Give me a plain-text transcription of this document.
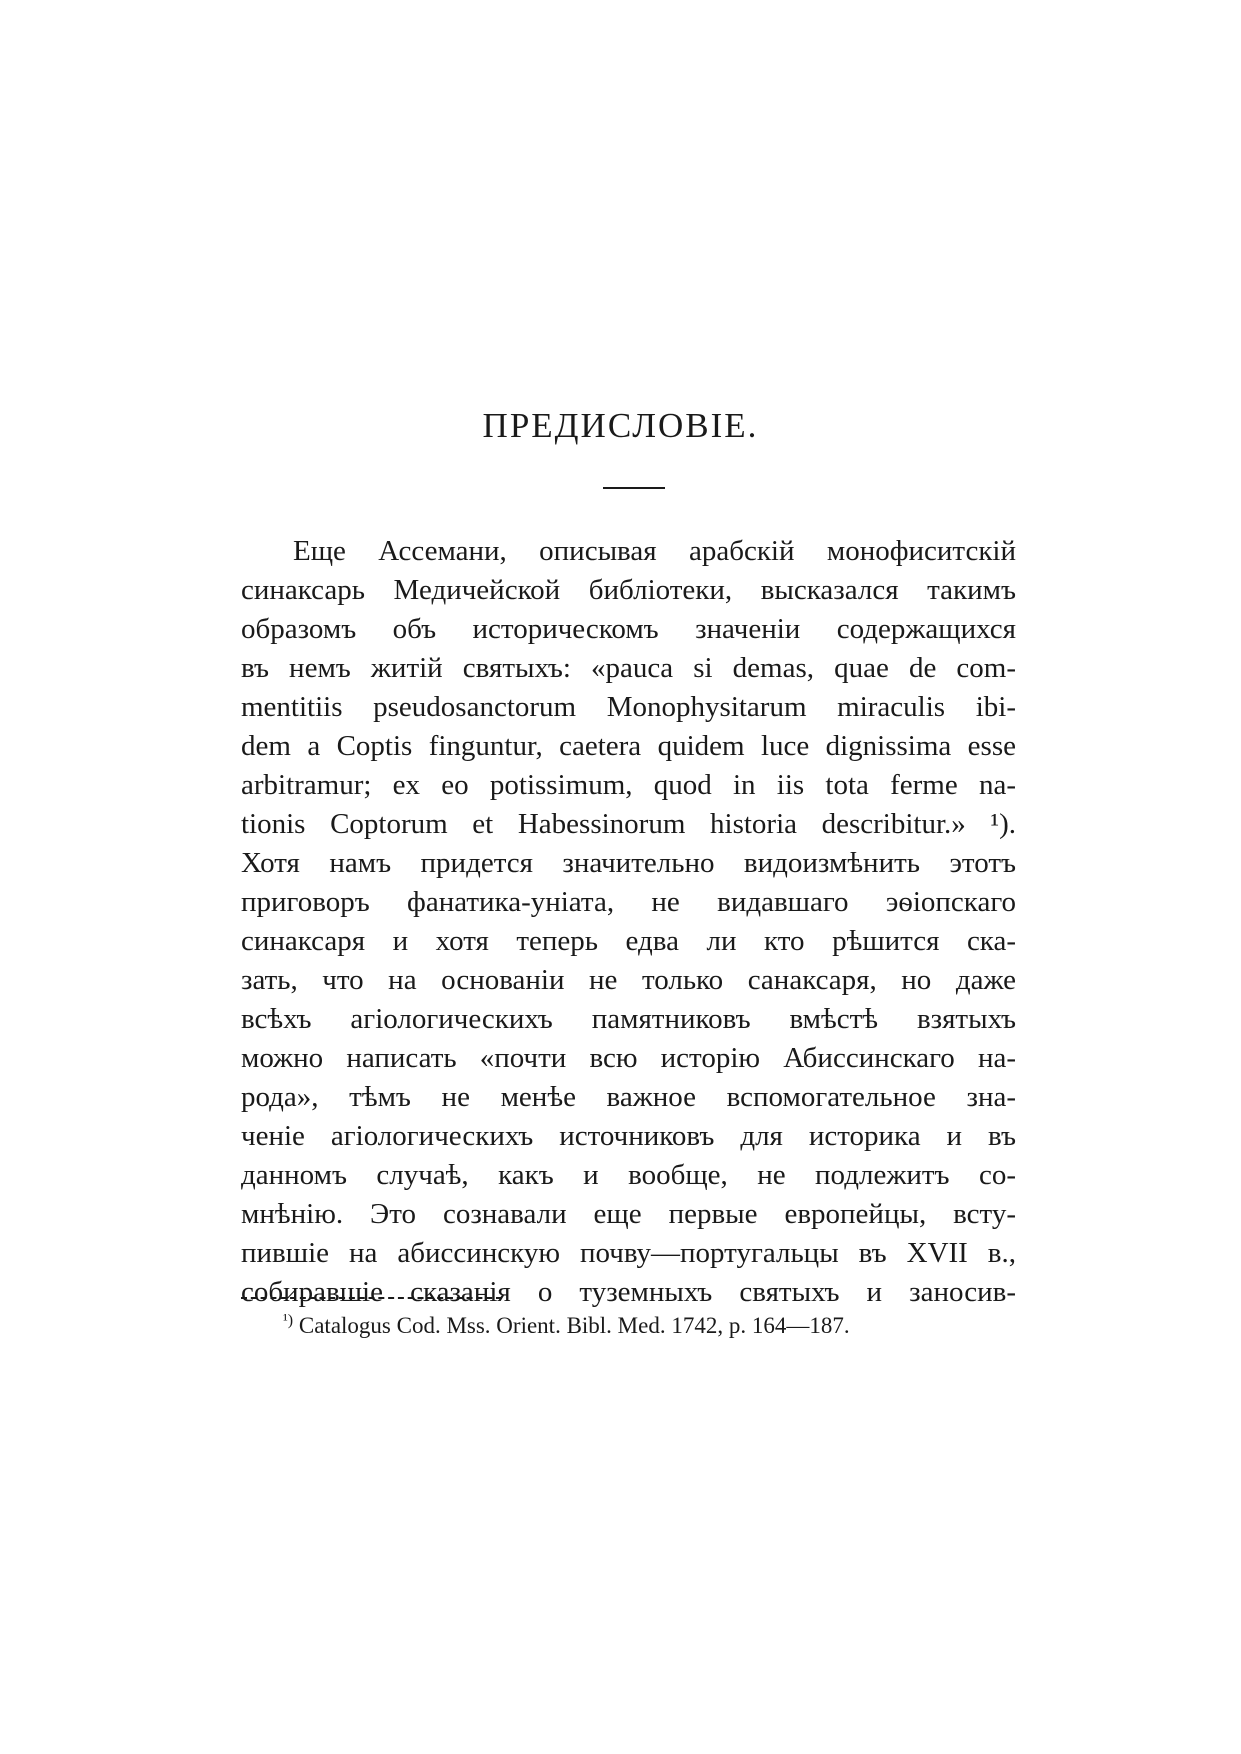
ПРЕДИСЛОВІЕ.
Еще Ассемани, описывая арабскій монофиситскій
синаксарь Медичейской библіотеки, высказался такимъ
образомъ объ историческомъ значеніи содержащихся
въ немъ житій святыхъ: «pauca si demas, quae de com-
mentitiis pseudosanctorum Monophysitarum miraculis ibi-
dem a Coptis finguntur, caetera quidem luce dignissima esse
arbitramur; ex eo potissimum, quod in iis tota ferme na-
tionis Coptorum et Habessinorum historia describitur.» ¹).
Хотя намъ придется значительно видоизмѣнить этотъ
приговоръ фанатика-уніата, не видавшаго эѳіопскаго
синаксаря и хотя теперь едва ли кто рѣшится ска-
зать, что на основаніи не только санаксаря, но даже
всѣхъ агіологическихъ памятниковъ вмѣстѣ взятыхъ
можно написать «почти всю исторію Абиссинскаго на-
рода», тѣмъ не менѣе важное вспомогательное зна-
ченіе агіологическихъ источниковъ для историка и въ
данномъ случаѣ, какъ и вообще, не подлежитъ со-
мнѣнію. Это сознавали еще первые европейцы, всту-
пившіе на абиссинскую почву—португальцы въ XVII в.,
собиравшіе сказанія о туземныхъ святыхъ и заносив-
$^{^1)}$ Catalogus Cod. Mss. Orient. Bibl. Med. 1742, p. 164—187.
